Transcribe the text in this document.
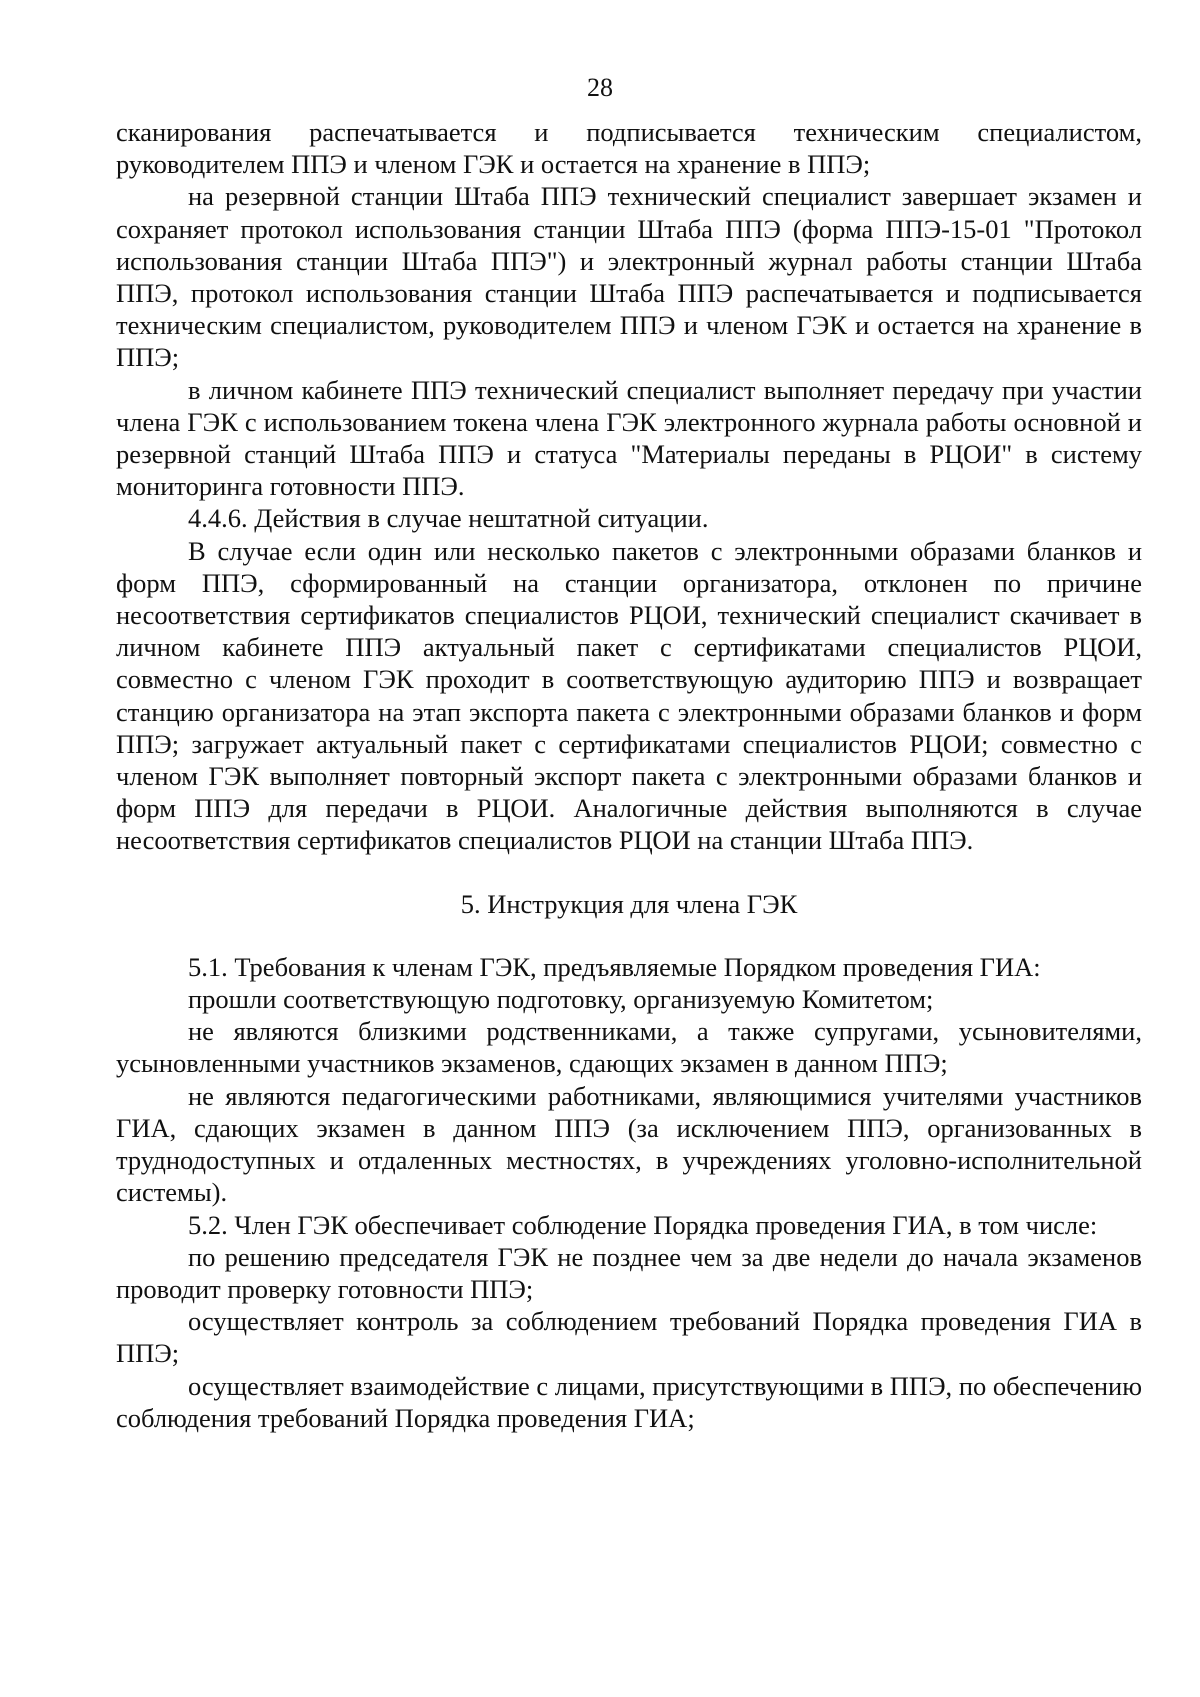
28

сканирования распечатывается и подписывается техническим специалистом, руководителем ППЭ и членом ГЭК и остается на хранение в ППЭ;

на резервной станции Штаба ППЭ технический специалист завершает экзамен и сохраняет протокол использования станции Штаба ППЭ (форма ППЭ-15-01 "Протокол использования станции Штаба ППЭ") и электронный журнал работы станции Штаба ППЭ, протокол использования станции Штаба ППЭ распечатывается и подписывается техническим специалистом, руководителем ППЭ и членом ГЭК и остается на хранение в ППЭ;

в личном кабинете ППЭ технический специалист выполняет передачу при участии члена ГЭК с использованием токена члена ГЭК электронного журнала работы основной и резервной станций Штаба ППЭ и статуса "Материалы переданы в РЦОИ" в систему мониторинга готовности ППЭ.

4.4.6. Действия в случае нештатной ситуации.

В случае если один или несколько пакетов с электронными образами бланков и форм ППЭ, сформированный на станции организатора, отклонен по причине несоответствия сертификатов специалистов РЦОИ, технический специалист скачивает в личном кабинете ППЭ актуальный пакет с сертификатами специалистов РЦОИ, совместно с членом ГЭК проходит в соответствующую аудиторию ППЭ и возвращает станцию организатора на этап экспорта пакета с электронными образами бланков и форм ППЭ; загружает актуальный пакет с сертификатами специалистов РЦОИ; совместно с членом ГЭК выполняет повторный экспорт пакета с электронными образами бланков и форм ППЭ для передачи в РЦОИ. Аналогичные действия выполняются в случае несоответствия сертификатов специалистов РЦОИ на станции Штаба ППЭ.

5. Инструкция для члена ГЭК

5.1. Требования к членам ГЭК, предъявляемые Порядком проведения ГИА:

прошли соответствующую подготовку, организуемую Комитетом;

не являются близкими родственниками, а также супругами, усыновителями, усыновленными участников экзаменов, сдающих экзамен в данном ППЭ;

не являются педагогическими работниками, являющимися учителями участников ГИА, сдающих экзамен в данном ППЭ (за исключением ППЭ, организованных в труднодоступных и отдаленных местностях, в учреждениях уголовно-исполнительной системы).

5.2. Член ГЭК обеспечивает соблюдение Порядка проведения ГИА, в том числе:

по решению председателя ГЭК не позднее чем за две недели до начала экзаменов проводит проверку готовности ППЭ;

осуществляет контроль за соблюдением требований Порядка проведения ГИА в ППЭ;

осуществляет взаимодействие с лицами, присутствующими в ППЭ, по обеспечению соблюдения требований Порядка проведения ГИА;
